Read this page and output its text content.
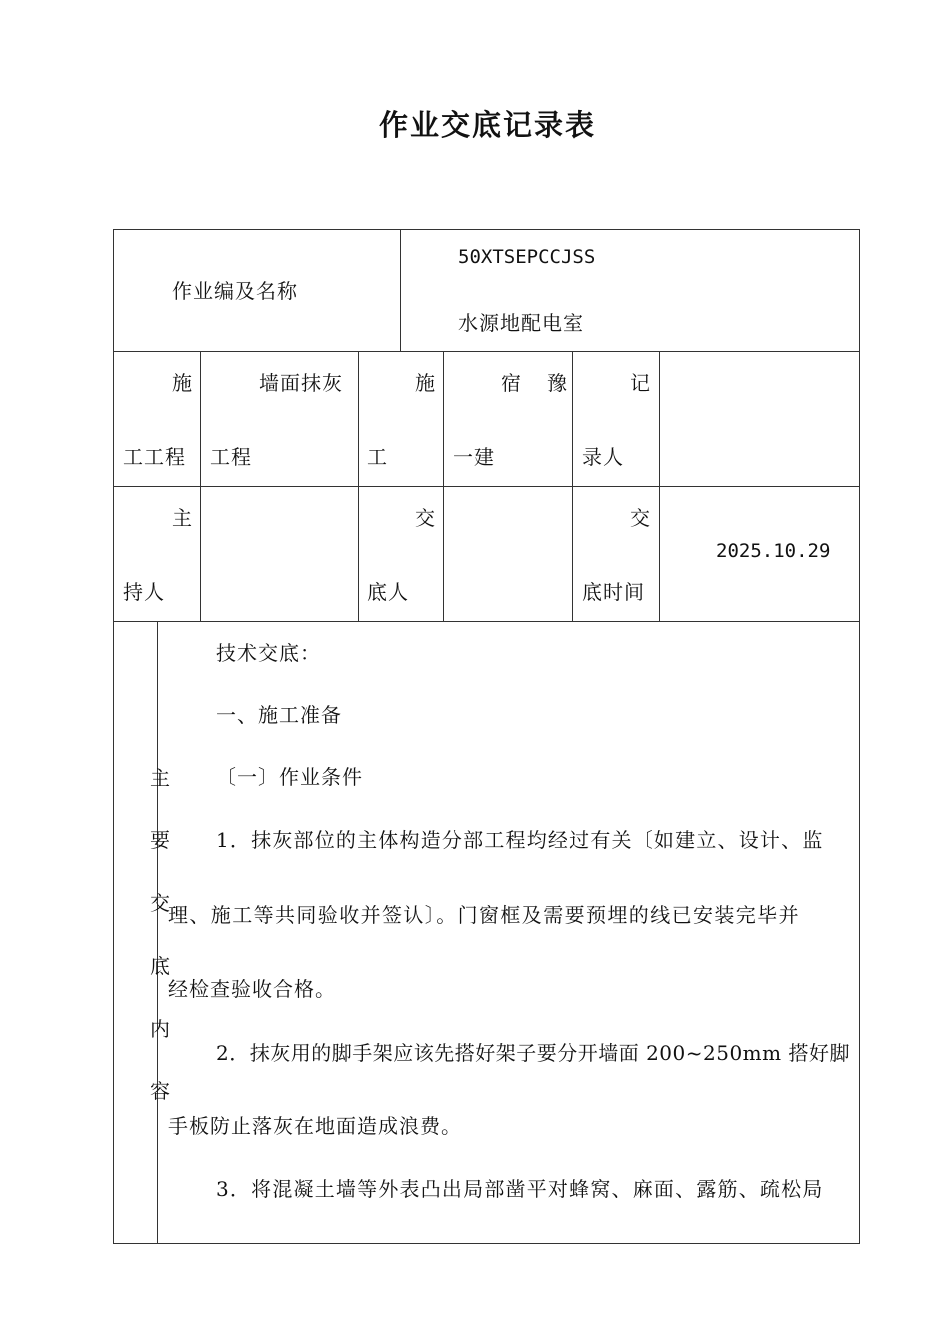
作业交底记录表
作业编及名称
50XTSEPCCJSS
水源地配电室
施
工工程
墙面抹灰
工程
施
工
宿　豫
一建
记
录人
主
持人
交
底人
交
底时间
2025.10.29
主
要
交
底
内
容
技术交底：
一、施工准备
〔一〕作业条件
1．抹灰部位的主体构造分部工程均经过有关〔如建立、设计、监
理、施工等共同验收并签认〕。门窗框及需要预埋的线已安装完毕并
经检查验收合格。
2．抹灰用的脚手架应该先搭好架子要分开墙面 200~250mm 搭好脚
手板防止落灰在地面造成浪费。
3．将混凝土墙等外表凸出局部凿平对蜂窝、麻面、露筋、疏松局
